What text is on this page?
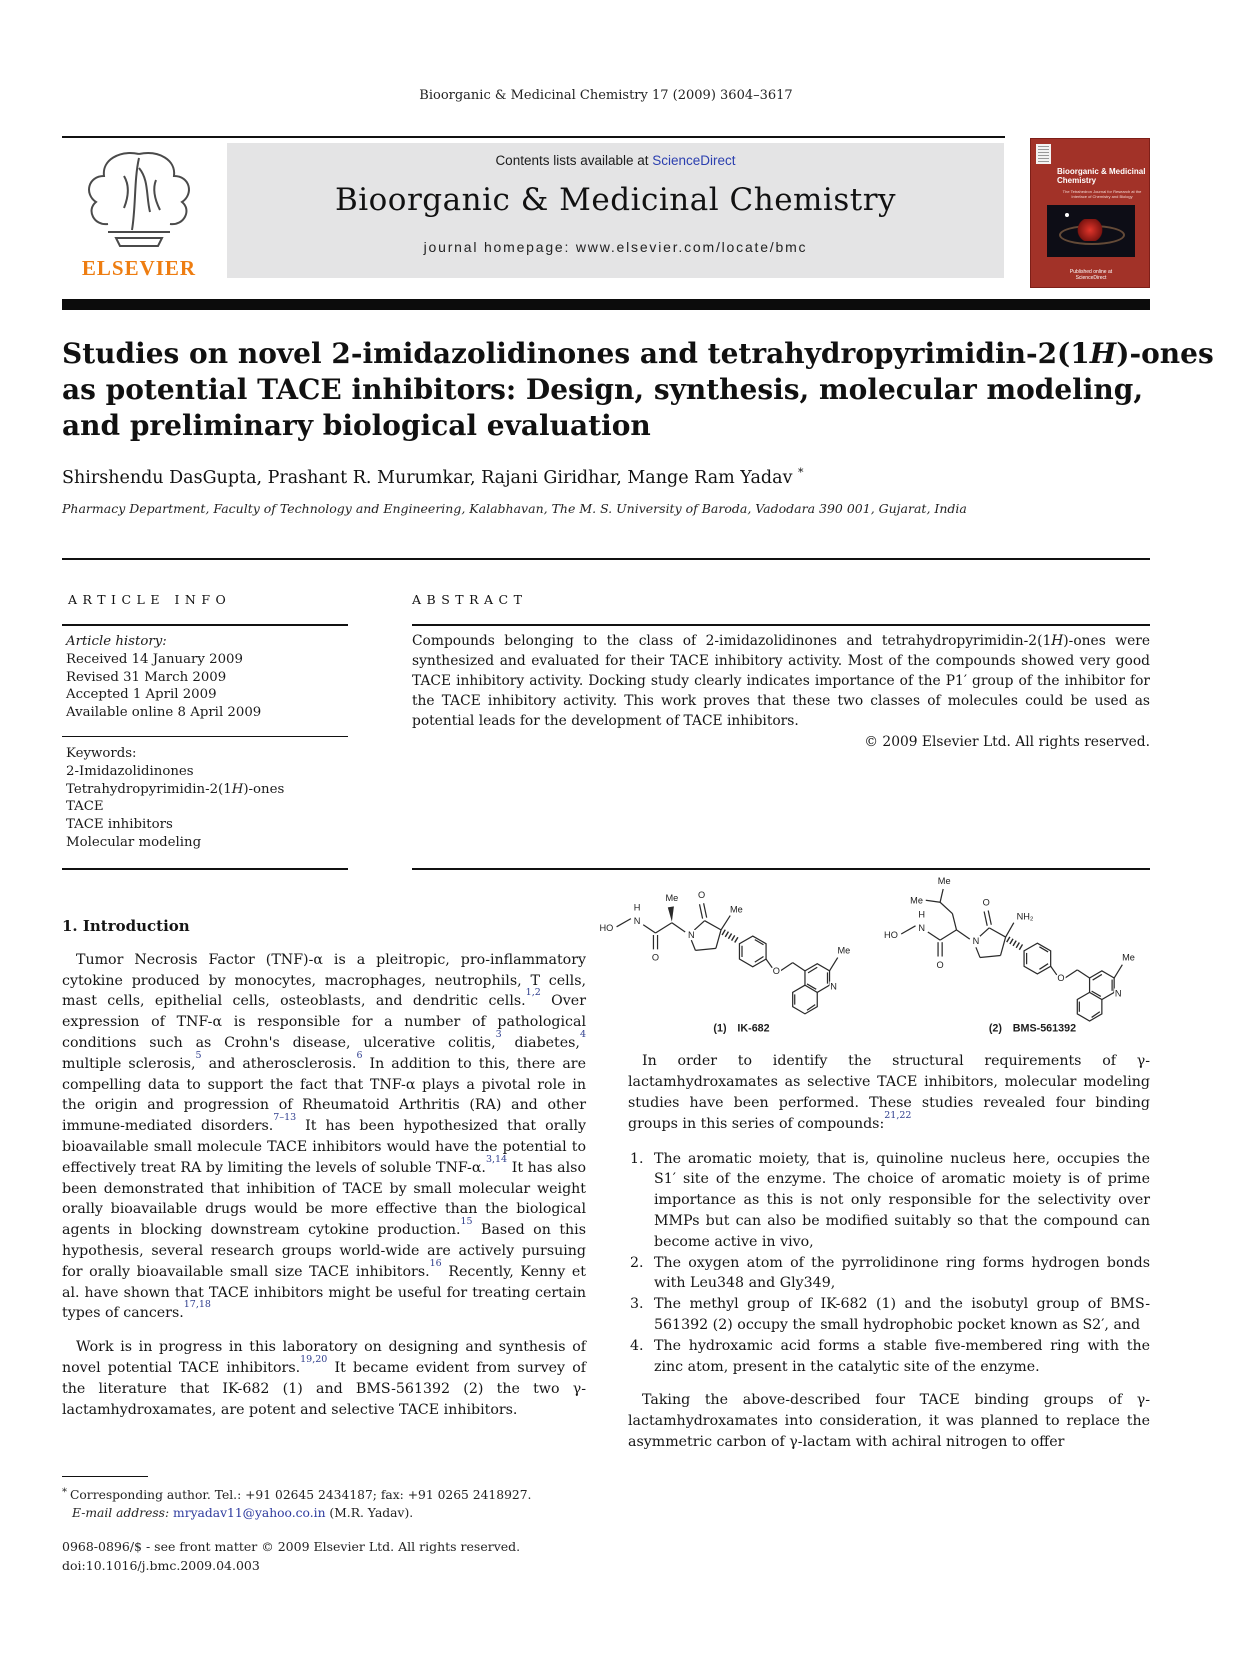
Bioorganic & Medicinal Chemistry 17 (2009) 3604–3617
ELSEVIER
Contents lists available at ScienceDirect
Bioorganic & Medicinal Chemistry
journal homepage: www.elsevier.com/locate/bmc
Bioorganic & Medicinal
Chemistry
The Tetrahedron Journal for Research at the Interface of Chemistry and Biology
Published online at
ScienceDirect
Studies on novel 2-imidazolidinones and tetrahydropyrimidin-2(1H)-ones
as potential TACE inhibitors: Design, synthesis, molecular modeling,
and preliminary biological evaluation
Shirshendu DasGupta, Prashant R. Murumkar, Rajani Giridhar, Mange Ram Yadav *
Pharmacy Department, Faculty of Technology and Engineering, Kalabhavan, The M. S. University of Baroda, Vadodara 390 001, Gujarat, India
ARTICLE INFO	ABSTRACT
Article history:
Received 14 January 2009
Revised 31 March 2009
Accepted 1 April 2009
Available online 8 April 2009
Keywords:
2-Imidazolidinones
Tetrahydropyrimidin-2(1H)-ones
TACE
TACE inhibitors
Molecular modeling
Compounds belonging to the class of 2-imidazolidinones and tetrahydropyrimidin-2(1H)-ones were synthesized and evaluated for their TACE inhibitory activity. Most of the compounds showed very good TACE inhibitory activity. Docking study clearly indicates importance of the P1′ group of the inhibitor for the TACE inhibitory activity. This work proves that these two classes of molecules could be used as potential leads for the development of TACE inhibitors.
© 2009 Elsevier Ltd. All rights reserved.
1. Introduction

Tumor Necrosis Factor (TNF)-α is a pleitropic, pro-inflammatory cytokine produced by monocytes, macrophages, neutrophils, T cells, mast cells, epithelial cells, osteoblasts, and dendritic cells.$^{1,2}$ Over expression of TNF-α is responsible for a number of pathological conditions such as Crohn's disease, ulcerative colitis,$^3$ diabetes,$^4$ multiple sclerosis,$^5$ and atherosclerosis.$^6$ In addition to this, there are compelling data to support the fact that TNF-α plays a pivotal role in the origin and progression of Rheumatoid Arthritis (RA) and other immune-mediated disorders.$^{7-13}$ It has been hypothesized that orally bioavailable small molecule TACE inhibitors would have the potential to effectively treat RA by limiting the levels of soluble TNF-α.$^{3,14}$ It has also been demonstrated that inhibition of TACE by small molecular weight orally bioavailable drugs would be more effective than the biological agents in blocking downstream cytokine production.$^{15}$ Based on this hypothesis, several research groups world-wide are actively pursuing for orally bioavailable small size TACE inhibitors.$^{16}$ Recently, Kenny et al. have shown that TACE inhibitors might be useful for treating certain types of cancers.$^{17,18}$

Work is in progress in this laboratory on designing and synthesis of novel potential TACE inhibitors.$^{19,20}$ It became evident from survey of the literature that IK-682 (1) and BMS-561392 (2) the two γ-lactamhydroxamates, are potent and selective TACE inhibitors.

HO
H
N
O
Me
N
O
Me
O
Me
N
(1) IK-682
HO
H
N
O
Me
Me
N
O
NH₂
O
Me
N
(2) BMS-561392

In order to identify the structural requirements of γ-lactamhydroxamates as selective TACE inhibitors, molecular modeling studies have been performed. These studies revealed four binding groups in this series of compounds:$^{21,22}$

The aromatic moiety, that is, quinoline nucleus here, occupies the S1′ site of the enzyme. The choice of aromatic moiety is of prime importance as this is not only responsible for the selectivity over MMPs but can also be modified suitably so that the compound can become active in vivo,
The oxygen atom of the pyrrolidinone ring forms hydrogen bonds with Leu348 and Gly349,
The methyl group of IK-682 (1) and the isobutyl group of BMS-561392 (2) occupy the small hydrophobic pocket known as S2′, and
The hydroxamic acid forms a stable five-membered ring with the zinc atom, present in the catalytic site of the enzyme.

Taking the above-described four TACE binding groups of γ-lactamhydroxamates into consideration, it was planned to replace the asymmetric carbon of γ-lactam with achiral nitrogen to offer

* Corresponding author. Tel.: +91 02645 2434187; fax: +91 0265 2418927.
E-mail address: mryadav11@yahoo.co.in (M.R. Yadav).
0968-0896/$ - see front matter © 2009 Elsevier Ltd. All rights reserved.
doi:10.1016/j.bmc.2009.04.003
